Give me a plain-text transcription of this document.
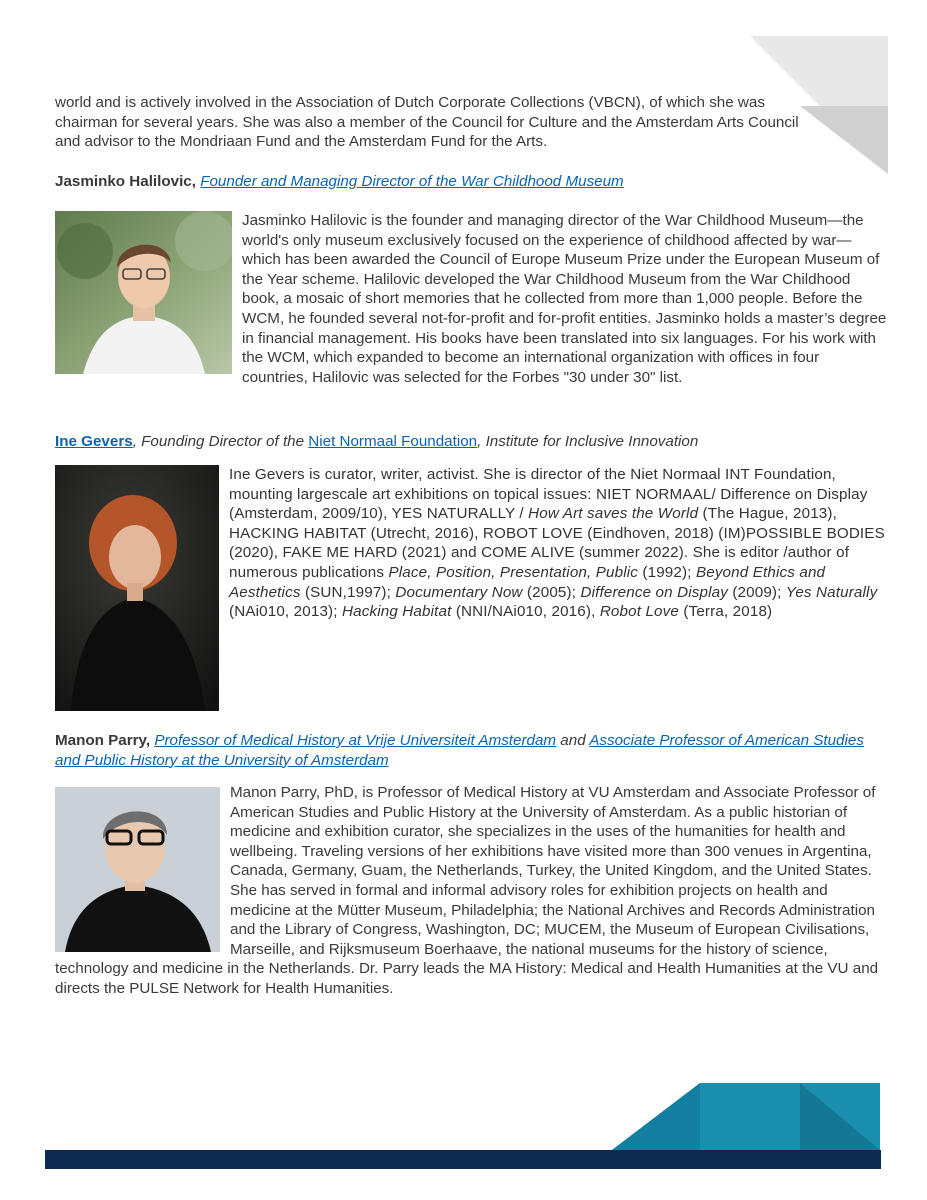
world and is actively involved in the Association of Dutch Corporate Collections (VBCN), of which she was chairman for several years. She was also a member of the Council for Culture and the Amsterdam Arts Council and advisor to the Mondriaan Fund and the Amsterdam Fund for the Arts.

Jasminko Halilovic, Founder and Managing Director of the War Childhood Museum

Jasminko Halilovic is the founder and managing director of the War Childhood Museum—the world's only museum exclusively focused on the experience of childhood affected by war—which has been awarded the Council of Europe Museum Prize under the European Museum of the Year scheme. Halilovic developed the War Childhood Museum from the War Childhood book, a mosaic of short memories that he collected from more than 1,000 people. Before the WCM, he founded several not-for-profit and for-profit entities. Jasminko holds a master’s degree in financial management. His books have been translated into six languages. For his work with the WCM, which expanded to become an international organization with offices in four countries, Halilovic was selected for the Forbes "30 under 30" list.

Ine Gevers, Founding Director of the Niet Normaal Foundation, Institute for Inclusive Innovation

Ine Gevers is curator, writer, activist. She is director of the Niet Normaal INT Foundation, mounting largescale art exhibitions on topical issues: NIET NORMAAL/ Difference on Display (Amsterdam, 2009/10), YES NATURALLY / How Art saves the World (The Hague, 2013), HACKING HABITAT (Utrecht, 2016), ROBOT LOVE (Eindhoven, 2018) (IM)POSSIBLE BODIES (2020), FAKE ME HARD (2021) and COME ALIVE (summer 2022). She is editor /author of numerous publications Place, Position, Presentation, Public (1992); Beyond Ethics and Aesthetics (SUN,1997); Documentary Now (2005); Difference on Display (2009); Yes Naturally (NAi010, 2013); Hacking Habitat (NNI/NAi010, 2016), Robot Love (Terra, 2018)

Manon Parry, Professor of Medical History at Vrije Universiteit Amsterdam and Associate Professor of American Studies and Public History at the University of Amsterdam

Manon Parry, PhD, is Professor of Medical History at VU Amsterdam and Associate Professor of American Studies and Public History at the University of Amsterdam. As a public historian of medicine and exhibition curator, she specializes in the uses of the humanities for health and wellbeing. Traveling versions of her exhibitions have visited more than 300 venues in Argentina, Canada, Germany, Guam, the Netherlands, Turkey, the United Kingdom, and the United States. She has served in formal and informal advisory roles for exhibition projects on health and medicine at the Mütter Museum, Philadelphia; the National Archives and Records Administration and the Library of Congress, Washington, DC; MUCEM, the Museum of European Civilisations, Marseille, and Rijksmuseum Boerhaave, the national museums for the history of science, technology and medicine in the Netherlands. Dr. Parry leads the MA History: Medical and Health Humanities at the VU and directs the PULSE Network for Health Humanities.
